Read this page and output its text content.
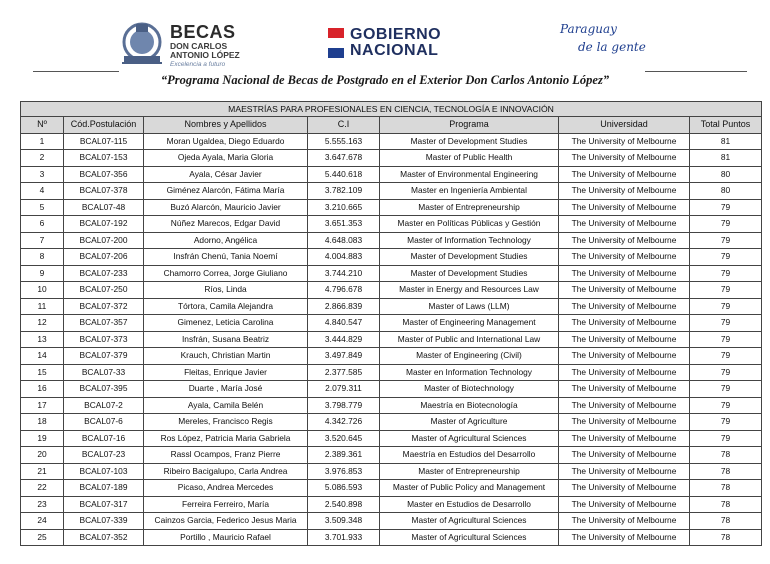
BECAS
DON CARLOS
ANTONIO LÓPEZ
Excelencia a futuro
GOBIERNO
NACIONAL
Paraguay
de la gente
“Programa Nacional de Becas de Postgrado en el Exterior Don Carlos Antonio López”
MAESTRÍAS PARA PROFESIONALES EN CIENCIA, TECNOLOGÍA E INNOVACIÓN						
Nº	Cód.Postulación	Nombres y Apellidos	C.I	Programa	Universidad	Total Puntos
1	BCAL07-115	Moran Ugaldea, Diego Eduardo	5.555.163	Master of Development Studies	The University of Melbourne	81
2	BCAL07-153	Ojeda Ayala, Maria Gloria	3.647.678	Master of Public Health	The University of Melbourne	81
3	BCAL07-356	Ayala, César Javier	5.440.618	Master of Environmental Engineering	The University of Melbourne	80
4	BCAL07-378	Giménez Alarcón, Fátima María	3.782.109	Master en Ingeniería Ambiental	The University of Melbourne	80
5	BCAL07-48	Buzó Alarcón, Mauricio Javier	3.210.665	Master of Entrepreneurship	The University of Melbourne	79
6	BCAL07-192	Núñez Marecos, Edgar David	3.651.353	Master en Políticas Públicas y Gestión	The University of Melbourne	79
7	BCAL07-200	Adorno, Angélica	4.648.083	Master of Information Technology	The University of Melbourne	79
8	BCAL07-206	Insfrán Chenú, Tania Noemí	4.004.883	Master of Development Studies	The University of Melbourne	79
9	BCAL07-233	Chamorro Correa, Jorge Giuliano	3.744.210	Master of Development Studies	The University of Melbourne	79
10	BCAL07-250	Ríos, Linda	4.796.678	Master in Energy and Resources Law	The University of Melbourne	79
11	BCAL07-372	Tórtora, Camila Alejandra	2.866.839	Master of Laws (LLM)	The University of Melbourne	79
12	BCAL07-357	Gimenez, Leticia Carolina	4.840.547	Master of Engineering Management	The University of Melbourne	79
13	BCAL07-373	Insfrán, Susana Beatriz	3.444.829	Master of Public and International Law	The University of Melbourne	79
14	BCAL07-379	Krauch, Christian Martin	3.497.849	Master of Engineering (Civil)	The University of Melbourne	79
15	BCAL07-33	Fleitas, Enrique Javier	2.377.585	Master en Information Technology	The University of Melbourne	79
16	BCAL07-395	Duarte , María José	2.079.311	Master of Biotechnology	The University of Melbourne	79
17	BCAL07-2	Ayala, Camila Belén	3.798.779	Maestría en Biotecnología	The University of Melbourne	79
18	BCAL07-6	Mereles, Francisco Regis	4.342.726	Master of Agriculture	The University of Melbourne	79
19	BCAL07-16	Ros López, Patricia Maria Gabriela	3.520.645	Master of Agricultural Sciences	The University of Melbourne	79
20	BCAL07-23	Rassl Ocampos, Franz Pierre	2.389.361	Maestría en Estudios del Desarrollo	The University of Melbourne	78
21	BCAL07-103	Ribeiro Bacigalupo, Carla Andrea	3.976.853	Master of Entrepreneurship	The University of Melbourne	78
22	BCAL07-189	Picaso, Andrea Mercedes	5.086.593	Master of Public Policy and Management	The University of Melbourne	78
23	BCAL07-317	Ferreira Ferreiro, María	2.540.898	Master en Estudios de Desarrollo	The University of Melbourne	78
24	BCAL07-339	Cainzos Garcia, Federico Jesus Maria	3.509.348	Master of Agricultural Sciences	The University of Melbourne	78
25	BCAL07-352	Portillo , Mauricio Rafael	3.701.933	Master of Agricultural Sciences	The University of Melbourne	78
